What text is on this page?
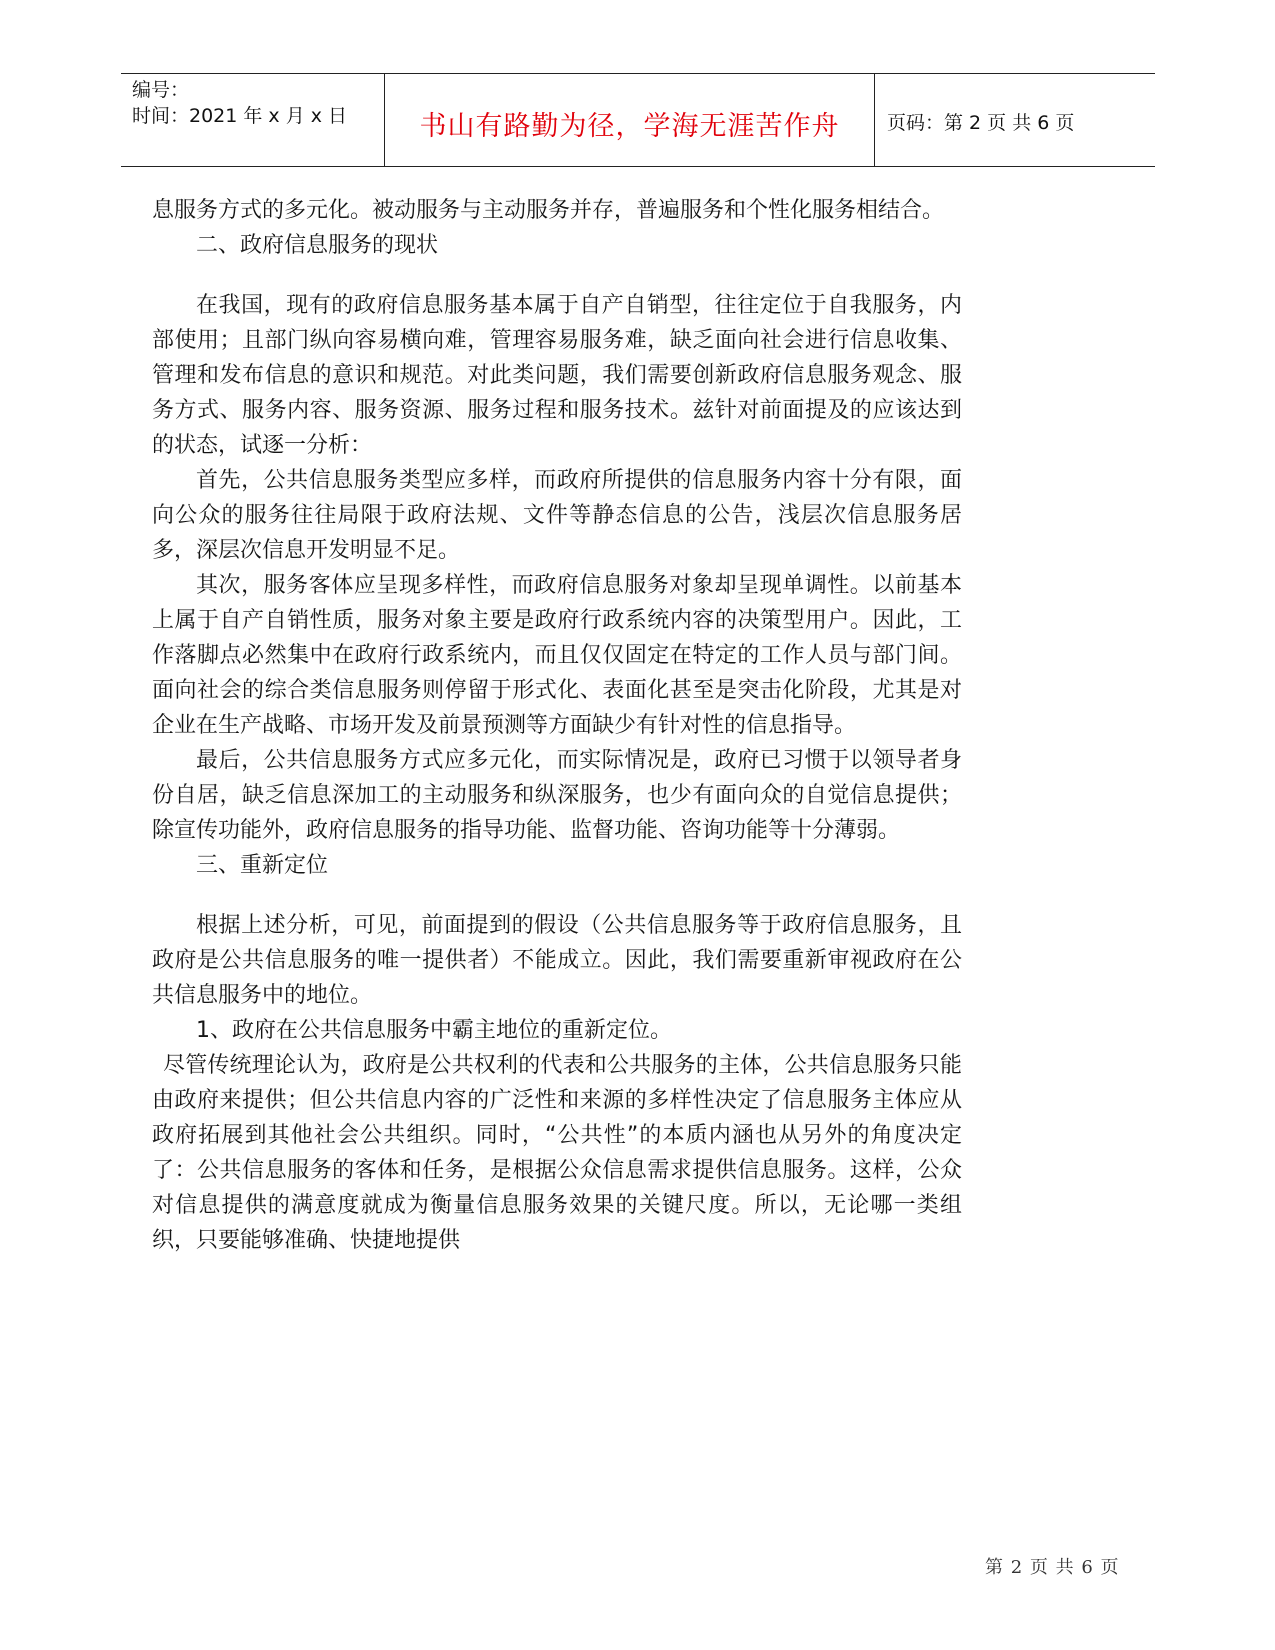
编号：
时间：2021 年 x 月 x 日	书山有路勤为径，学海无涯苦作舟	页码：第 2 页 共 6 页

息服务方式的多元化。被动服务与主动服务并存，普遍服务和个性化服务相结合。

二、政府信息服务的现状

在我国，现有的政府信息服务基本属于自产自销型，往往定位于自我服务，内部使用；且部门纵向容易横向难，管理容易服务难，缺乏面向社会进行信息收集、管理和发布信息的意识和规范。对此类问题，我们需要创新政府信息服务观念、服务方式、服务内容、服务资源、服务过程和服务技术。兹针对前面提及的应该达到的状态，试逐一分析：

首先，公共信息服务类型应多样，而政府所提供的信息服务内容十分有限，面向公众的服务往往局限于政府法规、文件等静态信息的公告，浅层次信息服务居多，深层次信息开发明显不足。

其次，服务客体应呈现多样性，而政府信息服务对象却呈现单调性。以前基本上属于自产自销性质，服务对象主要是政府行政系统内容的决策型用户。因此，工作落脚点必然集中在政府行政系统内，而且仅仅固定在特定的工作人员与部门间。面向社会的综合类信息服务则停留于形式化、表面化甚至是突击化阶段，尤其是对企业在生产战略、市场开发及前景预测等方面缺少有针对性的信息指导。

最后，公共信息服务方式应多元化，而实际情况是，政府已习惯于以领导者身份自居，缺乏信息深加工的主动服务和纵深服务，也少有面向众的自觉信息提供；除宣传功能外，政府信息服务的指导功能、监督功能、咨询功能等十分薄弱。

三、重新定位

根据上述分析，可见，前面提到的假设（公共信息服务等于政府信息服务，且政府是公共信息服务的唯一提供者）不能成立。因此，我们需要重新审视政府在公共信息服务中的地位。

1、政府在公共信息服务中霸主地位的重新定位。

尽管传统理论认为，政府是公共权利的代表和公共服务的主体，公共信息服务只能由政府来提供；但公共信息内容的广泛性和来源的多样性决定了信息服务主体应从政府拓展到其他社会公共组织。同时，“公共性”的本质内涵也从另外的角度决定了：公共信息服务的客体和任务，是根据公众信息需求提供信息服务。这样，公众对信息提供的满意度就成为衡量信息服务效果的关键尺度。所以，无论哪一类组织，只要能够准确、快捷地提供

第 2 页 共 6 页
